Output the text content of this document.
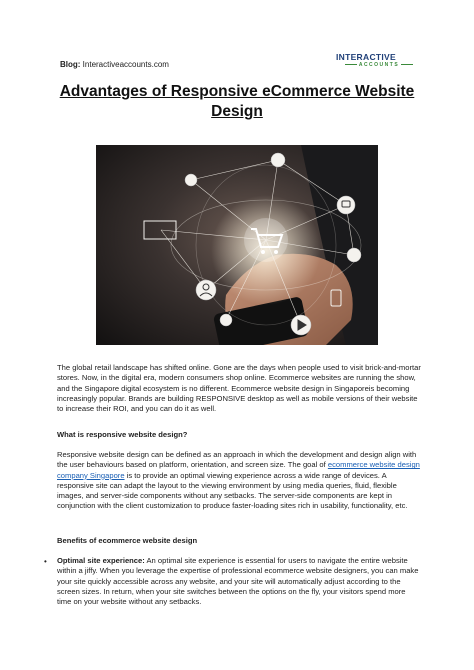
Blog: Interactiveaccounts.com
INTERACTIVE
ACCOUNTS
Advantages of Responsive eCommerce Website Design
The global retail landscape has shifted online. Gone are the days when people used to visit brick-and-mortar stores. Now, in the digital era, modern consumers shop online. Ecommerce websites are running the show, and the Singapore digital ecosystem is no different. Ecommerce website design in Singaporeis becoming increasingly popular. Brands are building RESPONSIVE desktop as well as mobile versions of their website to increase their ROI, and you can do it as well.
What is responsive website design?
Responsive website design can be defined as an approach in which the development and design align with the user behaviours based on platform, orientation, and screen size. The goal of ecommerce website design company Singapore is to provide an optimal viewing experience across a wide range of devices. A responsive site can adapt the layout to the viewing environment by using media queries, fluid, flexible images, and server-side components without any setbacks. The server-side components are kept in conjunction with the client customization to produce faster-loading sites rich in usability, functionality, etc.
Benefits of ecommerce website design
• Optimal site experience: An optimal site experience is essential for users to navigate the entire website within a jiffy. When you leverage the expertise of professional ecommerce website designers, you can make your site quickly accessible across any website, and your site will automatically adjust according to the screen sizes. In return, when your site switches between the options on the fly, your visitors spend more time on your website without any setbacks.
